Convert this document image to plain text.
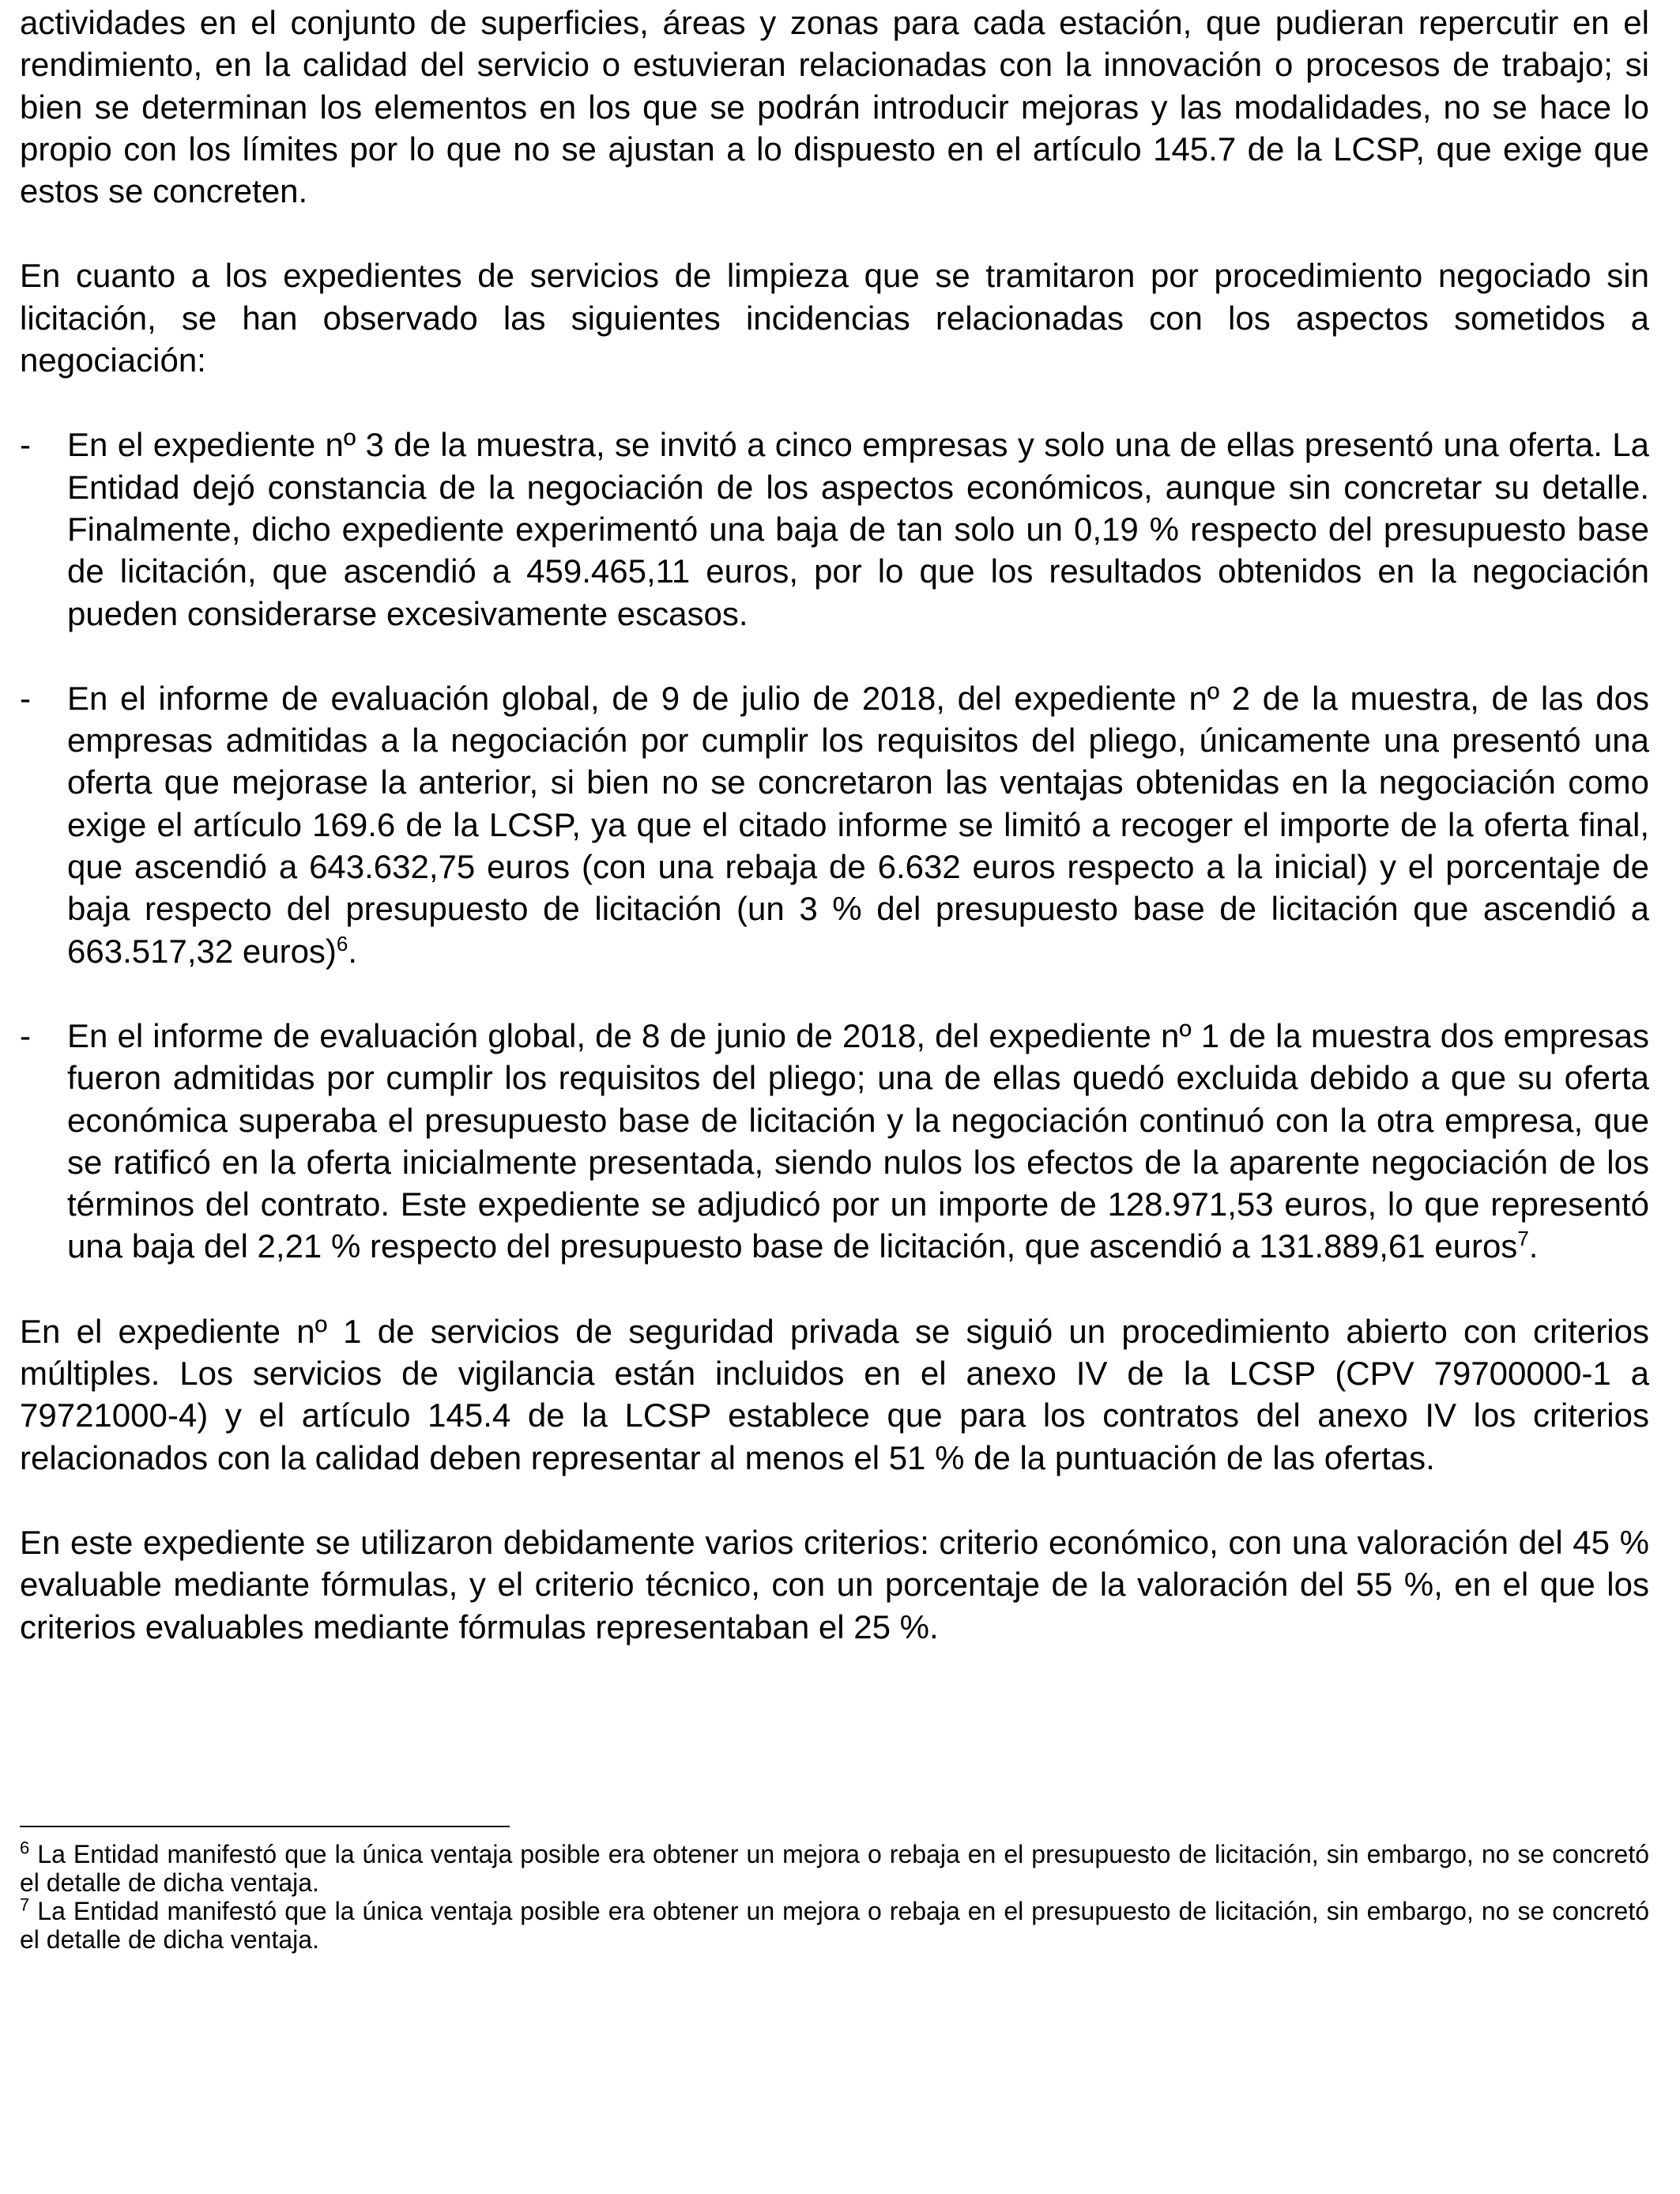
actividades en el conjunto de superficies, áreas y zonas para cada estación, que pudieran repercutir en el rendimiento, en la calidad del servicio o estuvieran relacionadas con la innovación o procesos de trabajo; si bien se determinan los elementos en los que se podrán introducir mejoras y las modalidades, no se hace lo propio con los límites por lo que no se ajustan a lo dispuesto en el artículo 145.7 de la LCSP, que exige que estos se concreten.

En cuanto a los expedientes de servicios de limpieza que se tramitaron por procedimiento negociado sin licitación, se han observado las siguientes incidencias relacionadas con los aspectos sometidos a negociación:

- En el expediente nº 3 de la muestra, se invitó a cinco empresas y solo una de ellas presentó una oferta. La Entidad dejó constancia de la negociación de los aspectos económicos, aunque sin concretar su detalle. Finalmente, dicho expediente experimentó una baja de tan solo un 0,19 % respecto del presupuesto base de licitación, que ascendió a 459.465,11 euros, por lo que los resultados obtenidos en la negociación pueden considerarse excesivamente escasos.
- En el informe de evaluación global, de 9 de julio de 2018, del expediente nº 2 de la muestra, de las dos empresas admitidas a la negociación por cumplir los requisitos del pliego, únicamente una presentó una oferta que mejorase la anterior, si bien no se concretaron las ventajas obtenidas en la negociación como exige el artículo 169.6 de la LCSP, ya que el citado informe se limitó a recoger el importe de la oferta final, que ascendió a 643.632,75 euros (con una rebaja de 6.632 euros respecto a la inicial) y el porcentaje de baja respecto del presupuesto de licitación (un 3 % del presupuesto base de licitación que ascendió a 663.517,32 euros)$^6$.
- En el informe de evaluación global, de 8 de junio de 2018, del expediente nº 1 de la muestra dos empresas fueron admitidas por cumplir los requisitos del pliego; una de ellas quedó excluida debido a que su oferta económica superaba el presupuesto base de licitación y la negociación continuó con la otra empresa, que se ratificó en la oferta inicialmente presentada, siendo nulos los efectos de la aparente negociación de los términos del contrato. Este expediente se adjudicó por un importe de 128.971,53 euros, lo que representó una baja del 2,21 % respecto del presupuesto base de licitación, que ascendió a 131.889,61 euros$^7$.

En el expediente nº 1 de servicios de seguridad privada se siguió un procedimiento abierto con criterios múltiples. Los servicios de vigilancia están incluidos en el anexo IV de la LCSP (CPV 79700000-1 a 79721000-4) y el artículo 145.4 de la LCSP establece que para los contratos del anexo IV los criterios relacionados con la calidad deben representar al menos el 51 % de la puntuación de las ofertas.

En este expediente se utilizaron debidamente varios criterios: criterio económico, con una valoración del 45 % evaluable mediante fórmulas, y el criterio técnico, con un porcentaje de la valoración del 55 %, en el que los criterios evaluables mediante fórmulas representaban el 25 %.

$^6$ La Entidad manifestó que la única ventaja posible era obtener un mejora o rebaja en el presupuesto de licitación, sin embargo, no se concretó el detalle de dicha ventaja.

$^7$ La Entidad manifestó que la única ventaja posible era obtener un mejora o rebaja en el presupuesto de licitación, sin embargo, no se concretó el detalle de dicha ventaja.
